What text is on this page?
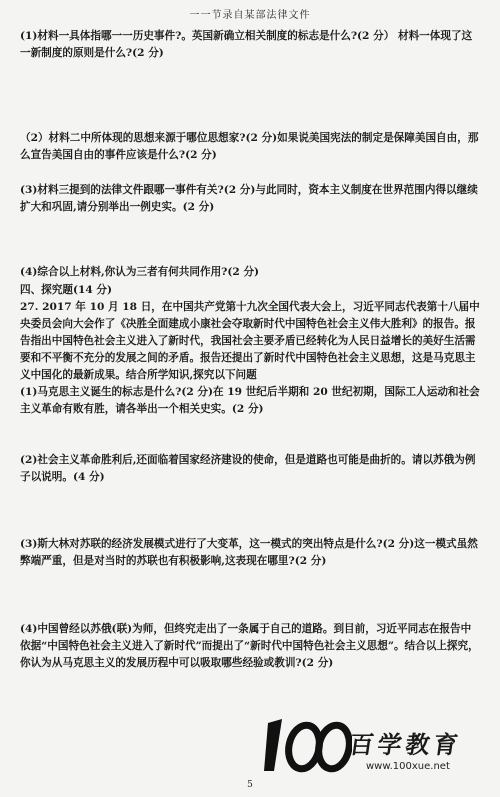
一一节录自某部法律文件
(1)材料一具体指哪一一历史事件?。英国新确立相关制度的标志是什么?(2 分） 材料一体现了这一新制度的原则是什么?(2 分)
（2）材料二中所体现的思想来源于哪位思想家?(2 分)如果说美国宪法的制定是保障美国自由，那么宣告美国自由的事件应该是什么?(2 分)
(3)材料三提到的法律文件跟哪一事件有关?(2 分)与此同时，资本主义制度在世界范围内得以继续扩大和巩固,请分别举出一例史实。(2 分)
(4)综合以上材料,你认为三者有何共同作用?(2 分)
四、探究题(14 分)
27. 2017 年 10 月 18 日，在中国共产党第十九次全国代表大会上，习近平同志代表第十八届中央委员会向大会作了《决胜全面建成小康社会夺取新时代中国特色社会主义伟大胜利》的报告。报告指出中国特色社会主义进入了新时代，我国社会主要矛盾已经转化为人民日益增长的美好生活需要和不平衡不充分的发展之间的矛盾。报告还提出了新时代中国特色社会主义思想，这是马克思主义中国化的最新成果。结合所学知识,探究以下问题
(1)马克思主义诞生的标志是什么?(2 分)在 19 世纪后半期和 20 世纪初期，国际工人运动和社会主义革命有败有胜，请各举出一个相关史实。(2 分)
(2)社会主义革命胜利后,还面临着国家经济建设的使命，但是道路也可能是曲折的。请以苏俄为例子以说明。(4 分)
(3)斯大林对苏联的经济发展模式进行了大变革，这一模式的突出特点是什么?(2 分)这一模式虽然弊端严重，但是对当时的苏联也有积极影响,这表现在哪里?(2 分)
(4)中国曾经以苏俄(联)为师，但终究走出了一条属于自己的道路。到目前，习近平同志在报告中依据“中国特色社会主义进入了新时代”而提出了“新时代中国特色社会主义思想”。结合以上探究，你认为从马克思主义的发展历程中可以吸取哪些经验或教训?(2 分)
百学教育
www.100xue.net
5
